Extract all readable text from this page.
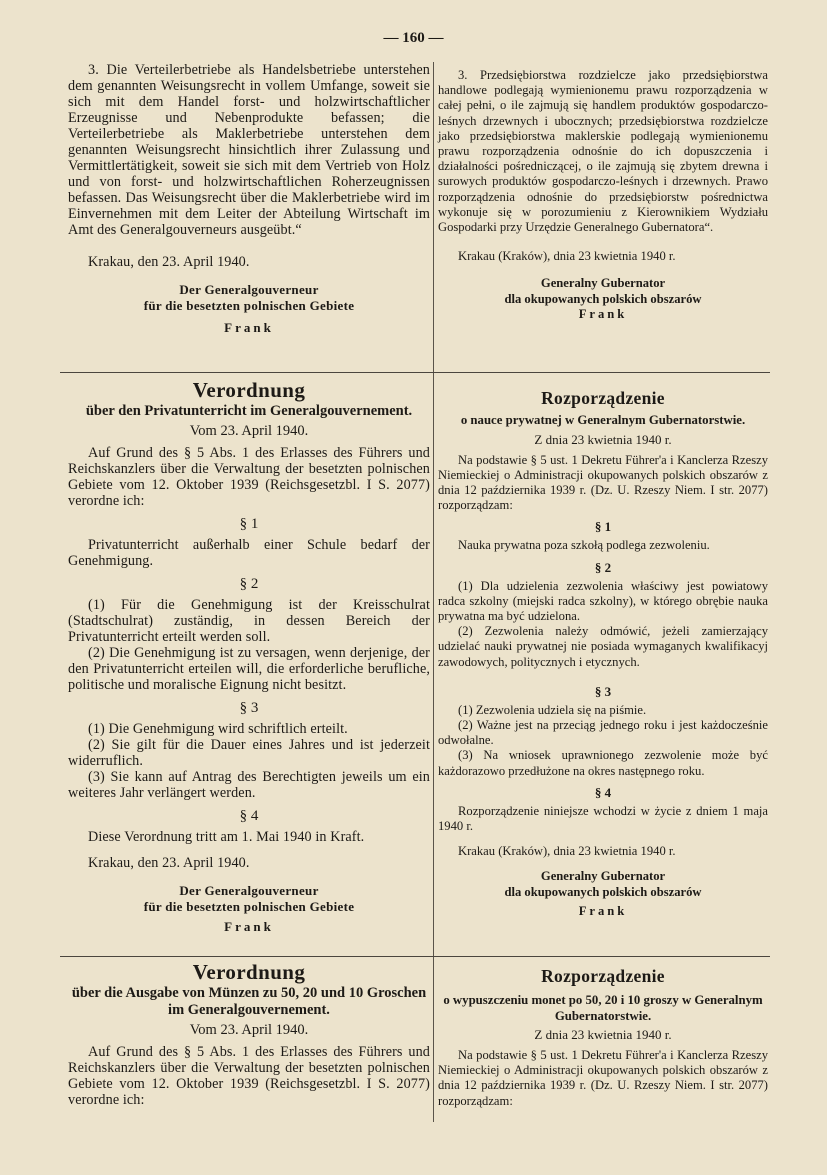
— 160 —

3. Die Verteilerbetriebe als Handelsbetriebe unterstehen dem genannten Weisungsrecht in vollem Umfange, soweit sie sich mit dem Handel forst- und holzwirtschaftlicher Erzeugnisse und Nebenprodukte befassen; die Verteilerbetriebe als Maklerbetriebe unterstehen dem genannten Weisungsrecht hinsichtlich ihrer Zulassung und Vermittlertätigkeit, soweit sie sich mit dem Vertrieb von Holz und von forst- und holzwirtschaftlichen Roherzeugnissen befassen. Das Weisungsrecht über die Maklerbetriebe wird im Einvernehmen mit dem Leiter der Abteilung Wirtschaft im Amt des Generalgouverneurs ausgeübt.“

Krakau, den 23. April 1940.

Der Generalgouverneur
für die besetzten polnischen Gebiete
Frank

3. Przedsiębiorstwa rozdzielcze jako przedsiębiorstwa handlowe podlegają wymienionemu prawu rozporządzenia w całej pełni, o ile zajmują się handlem produktów gospodarczo-leśnych drzewnych i ubocznych; przedsiębiorstwa rozdzielcze jako przedsiębiorstwa maklerskie podlegają wymienionemu prawu rozporządzenia odnośnie do ich dopuszczenia i działalności pośredniczącej, o ile zajmują się zbytem drewna i surowych produktów gospodarczo-leśnych i drzewnych. Prawo rozporządzenia odnośnie do przedsiębiorstw pośrednictwa wykonuje się w porozumieniu z Kierownikiem Wydziału Gospodarki przy Urzędzie Generalnego Gubernatora“.

Krakau (Kraków), dnia 23 kwietnia 1940 r.

Generalny Gubernator
dla okupowanych polskich obszarów
Frank
Verordnung
über den Privatunterricht im Generalgouvernement.
Vom 23. April 1940.

Auf Grund des § 5 Abs. 1 des Erlasses des Führers und Reichskanzlers über die Verwaltung der besetzten polnischen Gebiete vom 12. Oktober 1939 (Reichsgesetzbl. I S. 2077) verordne ich:

§ 1

Privatunterricht außerhalb einer Schule bedarf der Genehmigung.

§ 2

(1) Für die Genehmigung ist der Kreisschulrat (Stadtschulrat) zuständig, in dessen Bereich der Privatunterricht erteilt werden soll.

(2) Die Genehmigung ist zu versagen, wenn derjenige, der den Privatunterricht erteilen will, die erforderliche berufliche, politische und moralische Eignung nicht besitzt.

§ 3

(1) Die Genehmigung wird schriftlich erteilt.

(2) Sie gilt für die Dauer eines Jahres und ist jederzeit widerruflich.

(3) Sie kann auf Antrag des Berechtigten jeweils um ein weiteres Jahr verlängert werden.

§ 4

Diese Verordnung tritt am 1. Mai 1940 in Kraft.

Krakau, den 23. April 1940.

Der Generalgouverneur
für die besetzten polnischen Gebiete
Frank
Rozporządzenie
o nauce prywatnej w Generalnym Gubernatorstwie.
Z dnia 23 kwietnia 1940 r.

Na podstawie § 5 ust. 1 Dekretu Führer'a i Kanclerza Rzeszy Niemieckiej o Administracji okupowanych polskich obszarów z dnia 12 października 1939 r. (Dz. U. Rzeszy Niem. I str. 2077) rozporządzam:

§ 1

Nauka prywatna poza szkołą podlega zezwoleniu.

§ 2

(1) Dla udzielenia zezwolenia właściwy jest powiatowy radca szkolny (miejski radca szkolny), w którego obrębie nauka prywatna ma być udzielona.

(2) Zezwolenia należy odmówić, jeżeli zamierzający udzielać nauki prywatnej nie posiada wymaganych kwalifikacyj zawodowych, politycznych i etycznych.

§ 3

(1) Zezwolenia udziela się na piśmie.

(2) Ważne jest na przeciąg jednego roku i jest każdocześnie odwołalne.

(3) Na wniosek uprawnionego zezwolenie może być każdorazowo przedłużone na okres następnego roku.

§ 4

Rozporządzenie niniejsze wchodzi w życie z dniem 1 maja 1940 r.

Krakau (Kraków), dnia 23 kwietnia 1940 r.

Generalny Gubernator
dla okupowanych polskich obszarów
Frank
Verordnung
über die Ausgabe von Münzen zu 50, 20 und 10 Groschen im Generalgouvernement.
Vom 23. April 1940.

Auf Grund des § 5 Abs. 1 des Erlasses des Führers und Reichskanzlers über die Verwaltung der besetzten polnischen Gebiete vom 12. Oktober 1939 (Reichsgesetzbl. I S. 2077) verordne ich:

Rozporządzenie
o wypuszczeniu monet po 50, 20 i 10 groszy w Generalnym Gubernatorstwie.
Z dnia 23 kwietnia 1940 r.

Na podstawie § 5 ust. 1 Dekretu Führer'a i Kanclerza Rzeszy Niemieckiej o Administracji okupowanych polskich obszarów z dnia 12 października 1939 r. (Dz. U. Rzeszy Niem. I str. 2077) rozporządzam:
